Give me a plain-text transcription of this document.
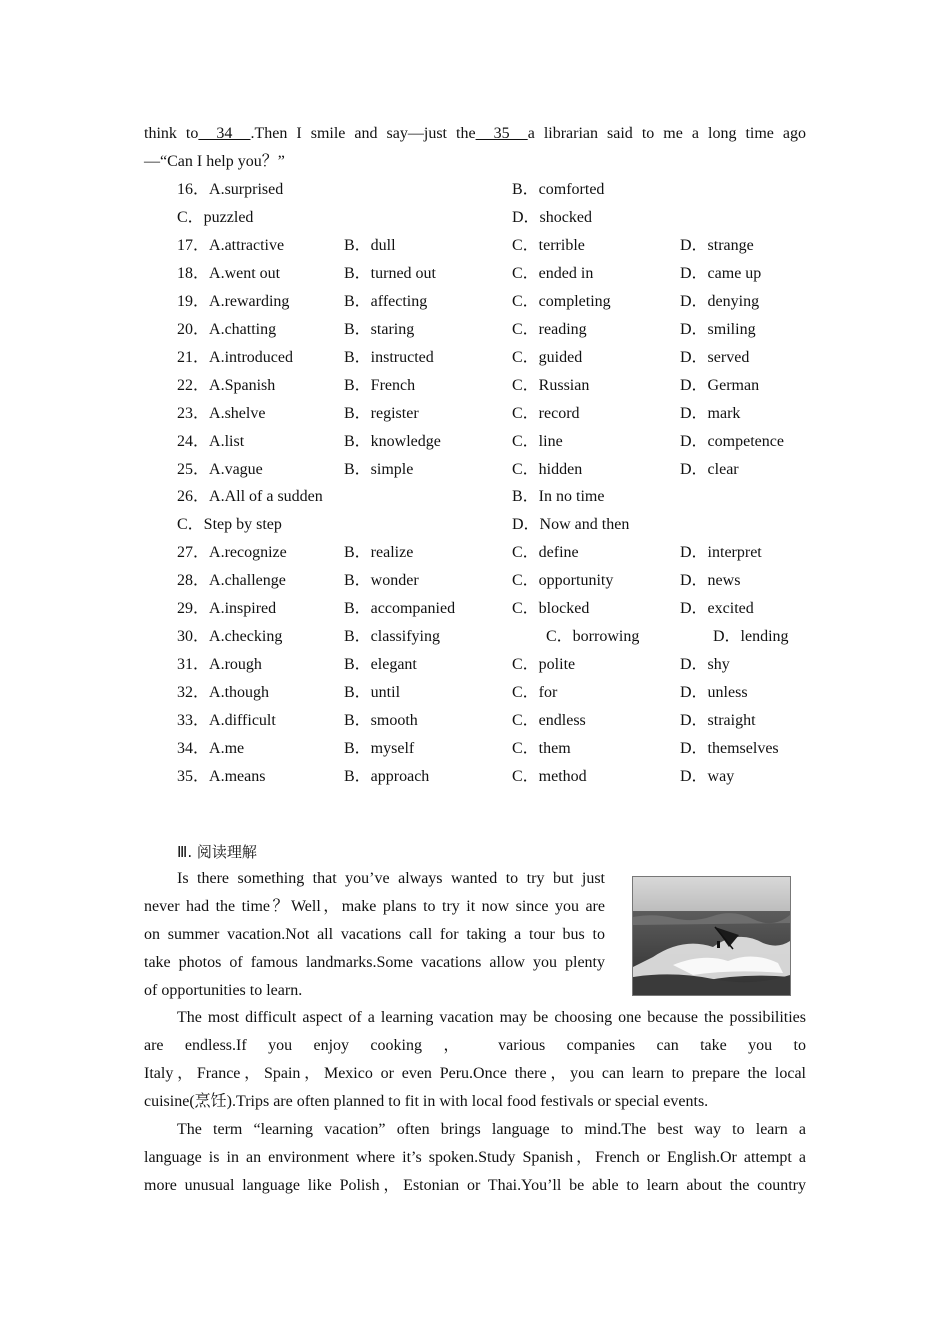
think to  34  .Then I smile and say—just the  35  a librarian said to me a long time ago
—“Can I help you？”
16．A.surprised	B．comforted
C．puzzled	D．shocked
17．A.attractive	B．dull	C．terrible	D．strange
18．A.went out	B．turned out	C．ended in	D．came up
19．A.rewarding	B．affecting	C．completing	D．denying
20．A.chatting	B．staring	C．reading	D．smiling
21．A.introduced	B．instructed	C．guided	D．served
22．A.Spanish	B．French	C．Russian	D．German
23．A.shelve	B．register	C．record	D．mark
24．A.list	B．knowledge	C．line	D．competence
25．A.vague	B．simple	C．hidden	D．clear
26．A.All of a sudden	B．In no time
C．Step by step	D．Now and then
27．A.recognize	B．realize	C．define	D．interpret
28．A.challenge	B．wonder	C．opportunity	D．news
29．A.inspired	B．accompanied	C．blocked	D．excited
30．A.checking	B．classifying	C．borrowing	D．lending
31．A.rough	B．elegant	C．polite	D．shy
32．A.though	B．until	C．for	D．unless
33．A.difficult	B．smooth	C．endless	D．straight
34．A.me	B．myself	C．them	D．themselves
35．A.means	B．approach	C．method	D．way
Ⅲ. 阅读理解
Is there something that you’ve always wanted to try but just
never had the time？Well，make plans to try it now since you are
on summer vacation.Not all vacations call for taking a tour bus to
take photos of famous landmarks.Some vacations allow you plenty
of opportunities to learn.
The most difficult aspect of a learning vacation may be choosing one because the possibilities
are endless.If you enjoy cooking ， various companies can take you to
Italy，France，Spain，Mexico or even Peru.Once there，you can learn to prepare the local
cuisine(烹饪).Trips are often planned to fit in with local food festivals or special events.
The term “learning vacation” often brings language to mind.The best way to learn a
language is in an environment where it’s spoken.Study Spanish，French or English.Or attempt a
more unusual language like Polish，Estonian or Thai.You’ll be able to learn about the country
